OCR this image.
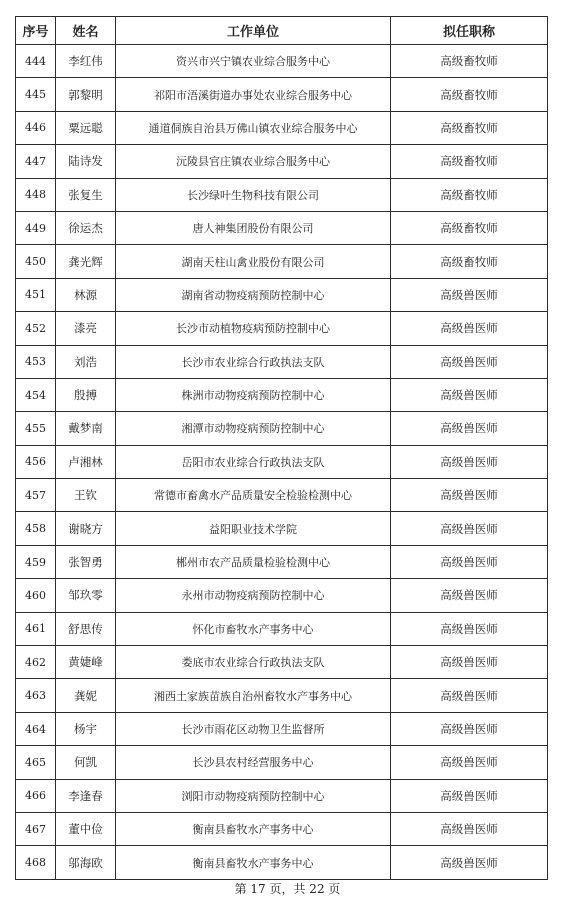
序号	姓名	工作单位	拟任职称
444	李红伟	资兴市兴宁镇农业综合服务中心	高级畜牧师
445	郭黎明	祁阳市浯溪街道办事处农业综合服务中心	高级畜牧师
446	粟远聪	通道侗族自治县万佛山镇农业综合服务中心	高级畜牧师
447	陆诗发	沅陵县官庄镇农业综合服务中心	高级畜牧师
448	张复生	长沙绿叶生物科技有限公司	高级畜牧师
449	徐运杰	唐人神集团股份有限公司	高级畜牧师
450	龚光辉	湖南天柱山禽业股份有限公司	高级畜牧师
451	林源	湖南省动物疫病预防控制中心	高级兽医师
452	漆亮	长沙市动植物疫病预防控制中心	高级兽医师
453	刘浩	长沙市农业综合行政执法支队	高级兽医师
454	殷搏	株洲市动物疫病预防控制中心	高级兽医师
455	戴梦南	湘潭市动物疫病预防控制中心	高级兽医师
456	卢湘林	岳阳市农业综合行政执法支队	高级兽医师
457	王钦	常德市畜禽水产品质量安全检验检测中心	高级兽医师
458	谢晓方	益阳职业技术学院	高级兽医师
459	张智勇	郴州市农产品质量检验检测中心	高级兽医师
460	邹玖零	永州市动物疫病预防控制中心	高级兽医师
461	舒思传	怀化市畜牧水产事务中心	高级兽医师
462	黄婕峰	娄底市农业综合行政执法支队	高级兽医师
463	龚妮	湘西土家族苗族自治州畜牧水产事务中心	高级兽医师
464	杨宇	长沙市雨花区动物卫生监督所	高级兽医师
465	何凯	长沙县农村经营服务中心	高级兽医师
466	李逢春	浏阳市动物疫病预防控制中心	高级兽医师
467	董中俭	衡南县畜牧水产事务中心	高级兽医师
468	邬海欧	衡南县畜牧水产事务中心	高级兽医师
第 17 页，共 22 页
